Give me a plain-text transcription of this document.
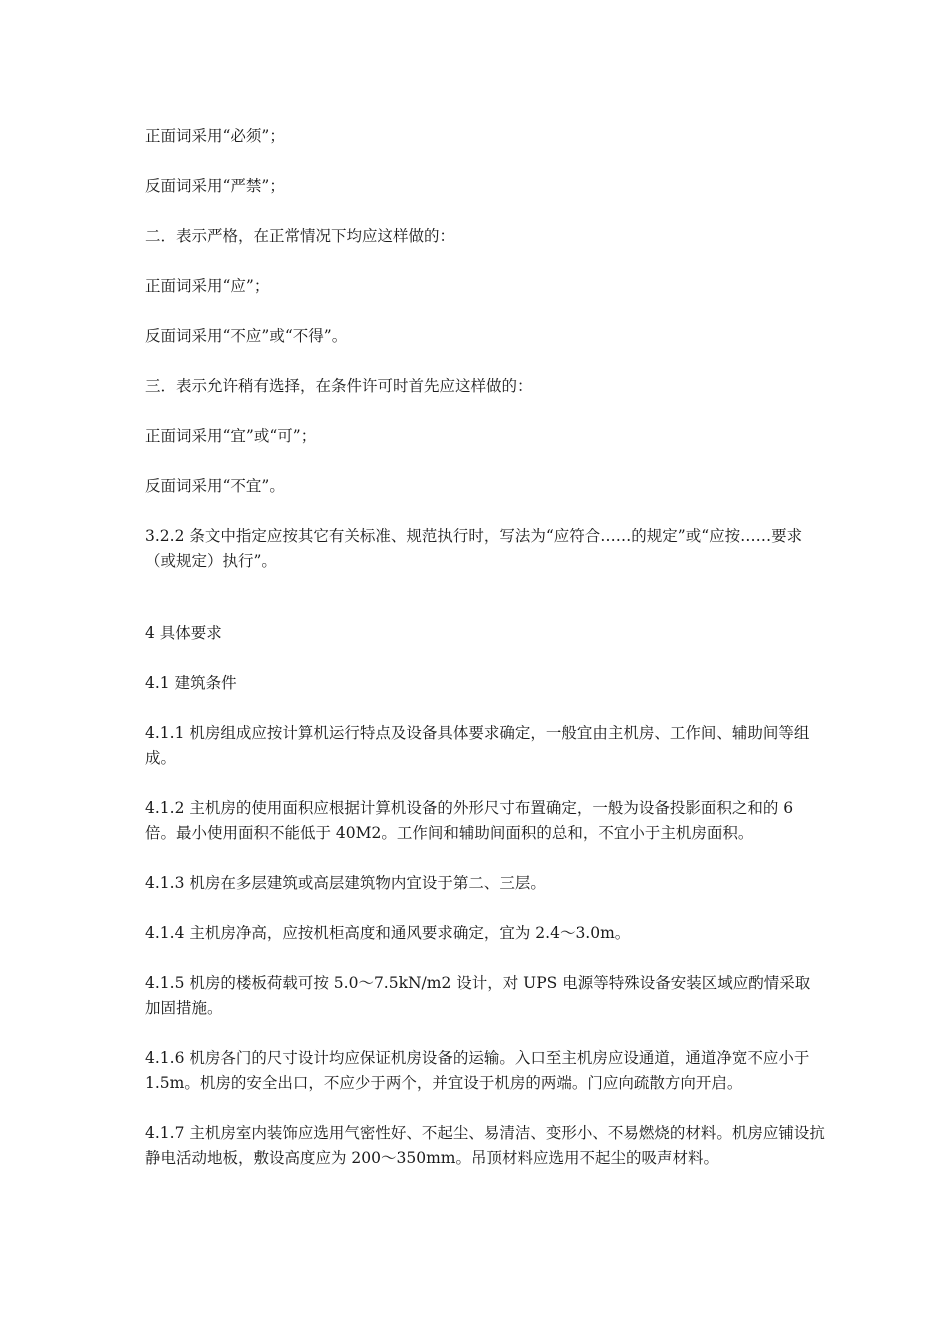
正面词采用“必须”；

反面词采用“严禁”；

二．表示严格，在正常情况下均应这样做的：

正面词采用“应”；

反面词采用“不应”或“不得”。

三．表示允许稍有选择，在条件许可时首先应这样做的：

正面词采用“宜”或“可”；

反面词采用“不宜”。

3.2.2 条文中指定应按其它有关标准、规范执行时，写法为“应符合……的规定”或“应按……要求（或规定）执行”。

4 具体要求

4.1 建筑条件

4.1.1 机房组成应按计算机运行特点及设备具体要求确定，一般宜由主机房、工作间、辅助间等组成。

4.1.2 主机房的使用面积应根据计算机设备的外形尺寸布置确定，一般为设备投影面积之和的 6 倍。最小使用面积不能低于 40M2。工作间和辅助间面积的总和，不宜小于主机房面积。

4.1.3 机房在多层建筑或高层建筑物内宜设于第二、三层。

4.1.4 主机房净高，应按机柜高度和通风要求确定，宜为 2.4～3.0m。

4.1.5 机房的楼板荷载可按 5.0～7.5kN/m2 设计，对 UPS 电源等特殊设备安装区域应酌情采取加固措施。

4.1.6 机房各门的尺寸设计均应保证机房设备的运输。入口至主机房应设通道，通道净宽不应小于 1.5m。机房的安全出口，不应少于两个，并宜设于机房的两端。门应向疏散方向开启。

4.1.7 主机房室内装饰应选用气密性好、不起尘、易清洁、变形小、不易燃烧的材料。机房应铺设抗静电活动地板，敷设高度应为 200～350mm。吊顶材料应选用不起尘的吸声材料。
